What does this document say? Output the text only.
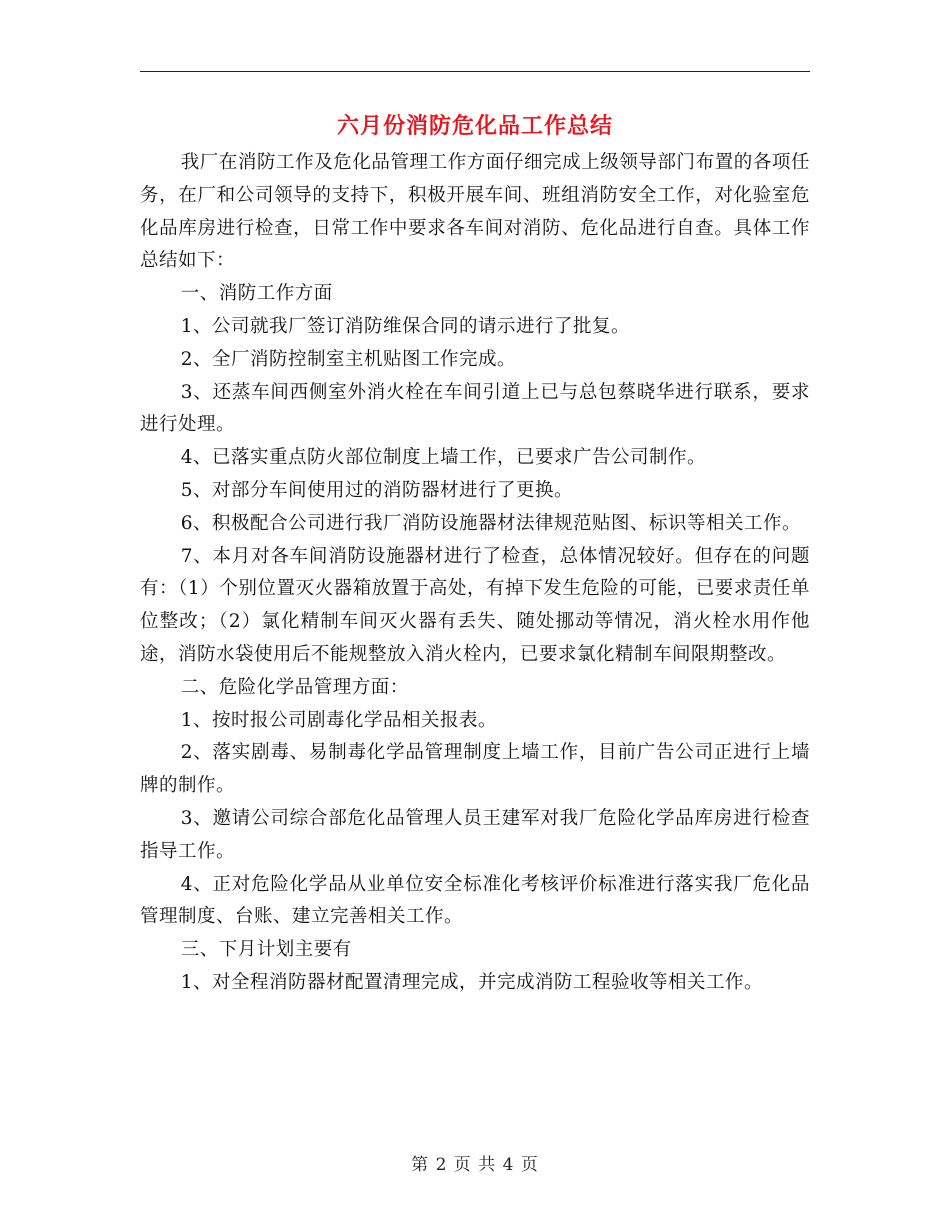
六月份消防危化品工作总结

我厂在消防工作及危化品管理工作方面仔细完成上级领导部门布置的各项任务，在厂和公司领导的支持下，积极开展车间、班组消防安全工作，对化验室危化品库房进行检查，日常工作中要求各车间对消防、危化品进行自查。具体工作总结如下：

一、消防工作方面

1、公司就我厂签订消防维保合同的请示进行了批复。

2、全厂消防控制室主机贴图工作完成。

3、还蒸车间西侧室外消火栓在车间引道上已与总包蔡晓华进行联系，要求进行处理。

4、已落实重点防火部位制度上墙工作，已要求广告公司制作。

5、对部分车间使用过的消防器材进行了更换。

6、积极配合公司进行我厂消防设施器材法律规范贴图、标识等相关工作。

7、本月对各车间消防设施器材进行了检查，总体情况较好。但存在的问题有：（1）个别位置灭火器箱放置于高处，有掉下发生危险的可能，已要求责任单位整改；（2）氯化精制车间灭火器有丢失、随处挪动等情况，消火栓水用作他途，消防水袋使用后不能规整放入消火栓内，已要求氯化精制车间限期整改。

二、危险化学品管理方面：

1、按时报公司剧毒化学品相关报表。

2、落实剧毒、易制毒化学品管理制度上墙工作，目前广告公司正进行上墙牌的制作。

3、邀请公司综合部危化品管理人员王建军对我厂危险化学品库房进行检查指导工作。

4、正对危险化学品从业单位安全标准化考核评价标准进行落实我厂危化品管理制度、台账、建立完善相关工作。

三、下月计划主要有

1、对全程消防器材配置清理完成，并完成消防工程验收等相关工作。

第 2 页 共 4 页
